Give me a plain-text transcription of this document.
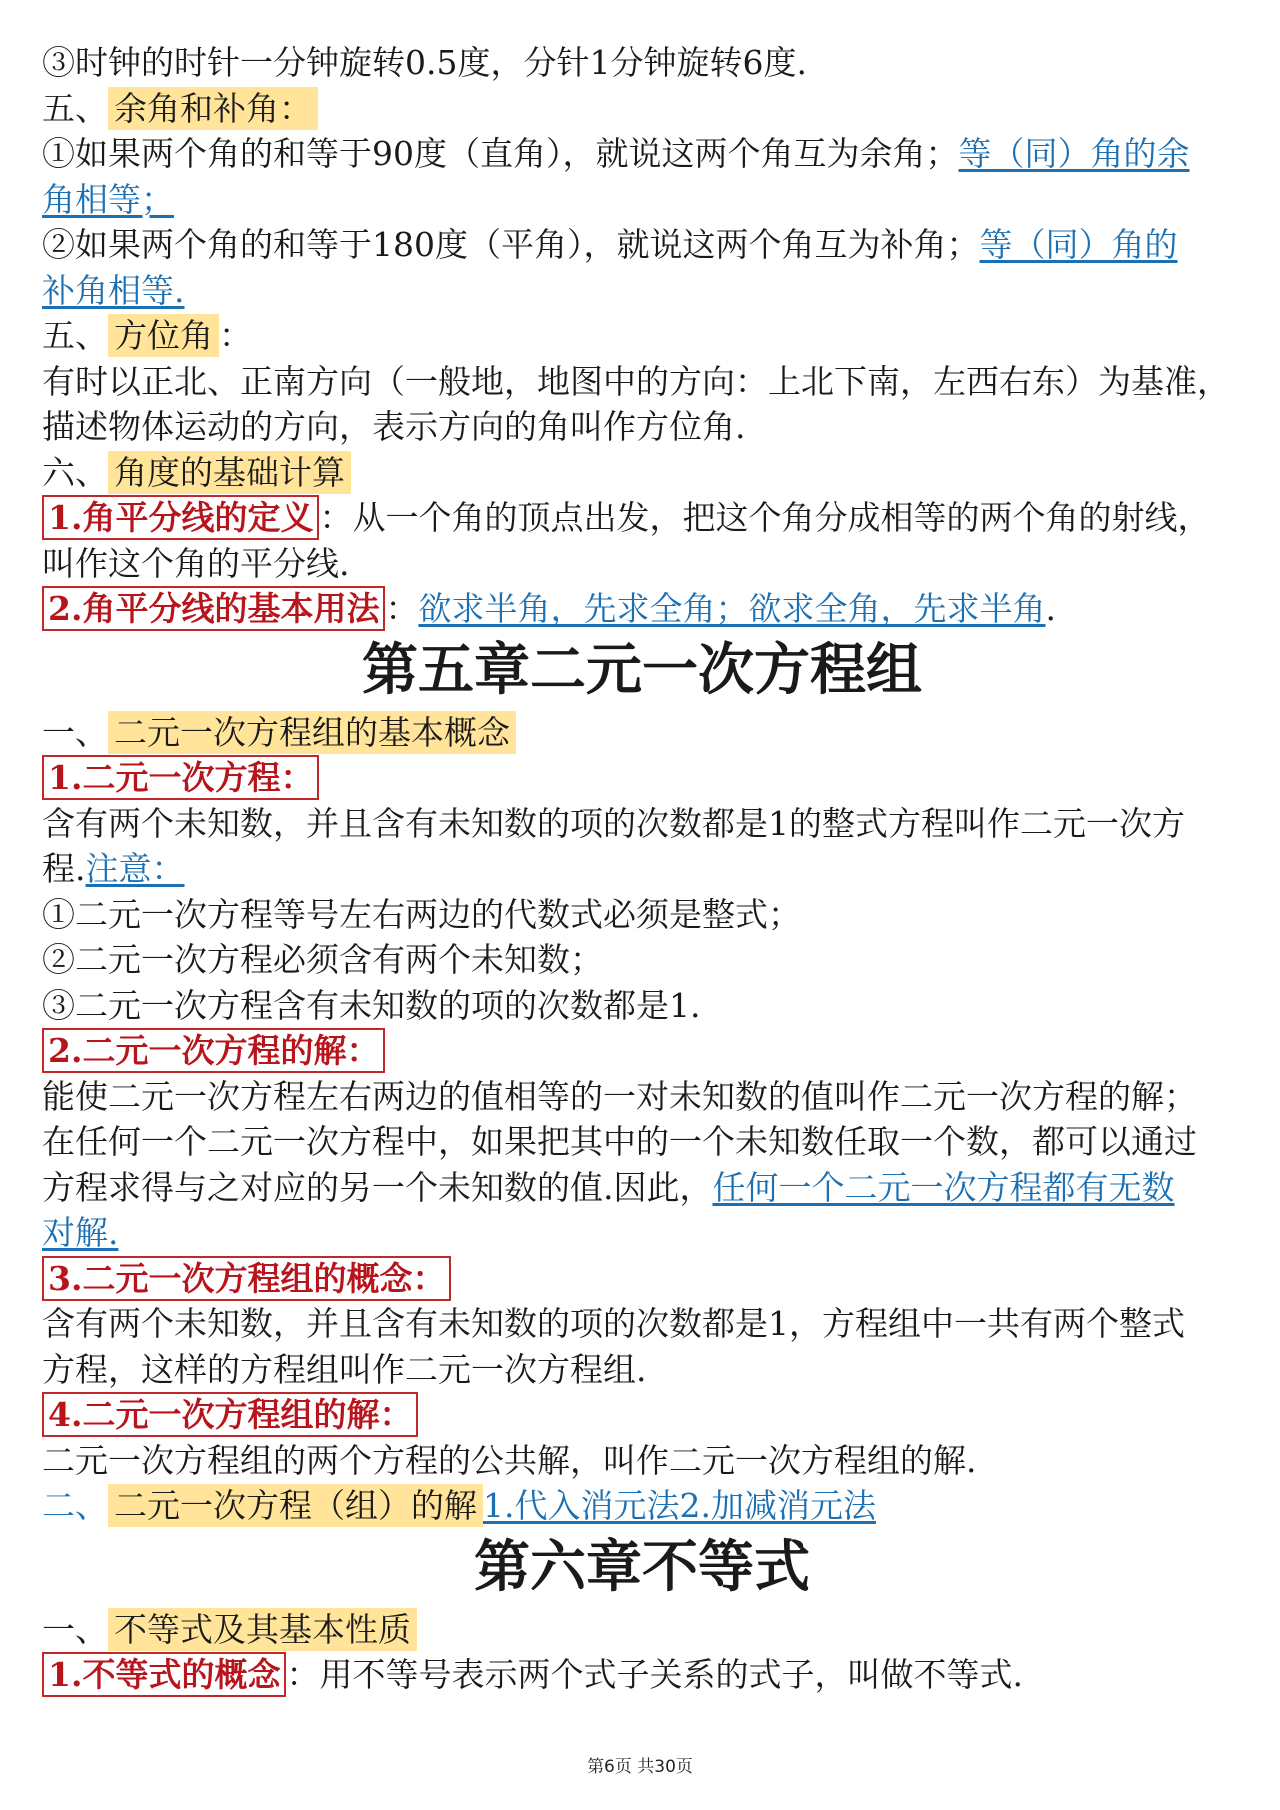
③时钟的时针一分钟旋转0.5度，分针1分钟旋转6度.

五、 余角和补角：

①如果两个角的和等于90度（直角），就说这两个角互为余角；等（同）角的余

角相等；

②如果两个角的和等于180度（平角），就说这两个角互为补角；等（同）角的

补角相等.

五、 方位角 ：

有时以正北、正南方向（一般地，地图中的方向：上北下南，左西右东）为基准，

描述物体运动的方向，表示方向的角叫作方位角.

六、 角度的基础计算

1.角平分线的定义 ：从一个角的顶点出发，把这个角分成相等的两个角的射线，

叫作这个角的平分线.

2.角平分线的基本用法 ：欲求半角，先求全角；欲求全角，先求半角.

第五章二元一次方程组

一、 二元一次方程组的基本概念

1.二元一次方程：

含有两个未知数，并且含有未知数的项的次数都是1的整式方程叫作二元一次方

程.注意：

①二元一次方程等号左右两边的代数式必须是整式；

②二元一次方程必须含有两个未知数；

③二元一次方程含有未知数的项的次数都是1.

2.二元一次方程的解：

能使二元一次方程左右两边的值相等的一对未知数的值叫作二元一次方程的解；

在任何一个二元一次方程中，如果把其中的一个未知数任取一个数，都可以通过

方程求得与之对应的另一个未知数的值.因此，任何一个二元一次方程都有无数

对解.

3.二元一次方程组的概念：

含有两个未知数，并且含有未知数的项的次数都是1，方程组中一共有两个整式

方程，这样的方程组叫作二元一次方程组.

4.二元一次方程组的解：

二元一次方程组的两个方程的公共解，叫作二元一次方程组的解.

二、 二元一次方程（组）的解 1.代入消元法2.加减消元法

第六章不等式

一、 不等式及其基本性质

1.不等式的概念 ：用不等号表示两个式子关系的式子，叫做不等式.

第6页 共30页
